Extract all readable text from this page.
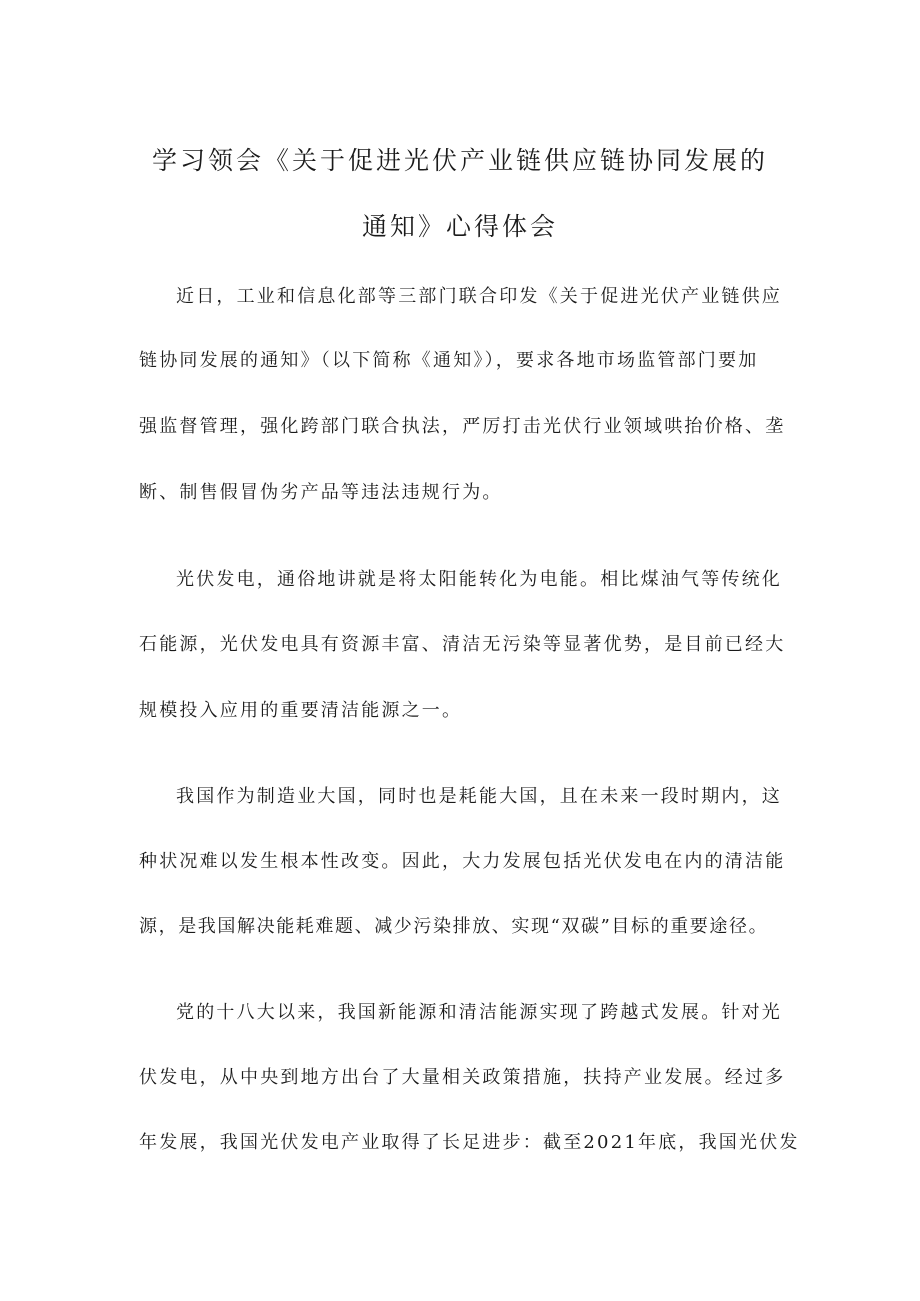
学习领会《关于促进光伏产业链供应链协同发展的
通知》心得体会
近日，工业和信息化部等三部门联合印发《关于促进光伏产业链供应
链协同发展的通知》（以下简称《通知》），要求各地市场监管部门要加
强监督管理，强化跨部门联合执法，严厉打击光伏行业领域哄抬价格、垄
断、制售假冒伪劣产品等违法违规行为。
光伏发电，通俗地讲就是将太阳能转化为电能。相比煤油气等传统化
石能源，光伏发电具有资源丰富、清洁无污染等显著优势，是目前已经大
规模投入应用的重要清洁能源之一。
我国作为制造业大国，同时也是耗能大国，且在未来一段时期内，这
种状况难以发生根本性改变。因此，大力发展包括光伏发电在内的清洁能
源，是我国解决能耗难题、减少污染排放、实现“双碳”目标的重要途径。
党的十八大以来，我国新能源和清洁能源实现了跨越式发展。针对光
伏发电，从中央到地方出台了大量相关政策措施，扶持产业发展。经过多
年发展，我国光伏发电产业取得了长足进步：截至2021年底，我国光伏发
